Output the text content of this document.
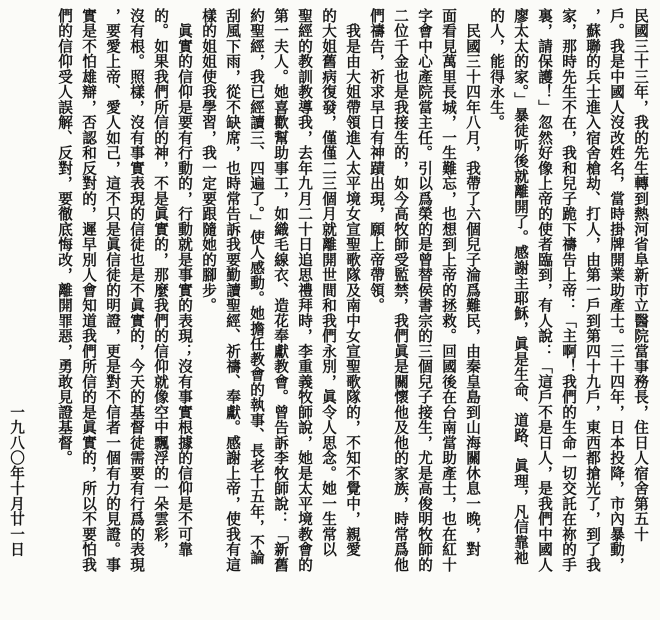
民國三十三年，我的先生轉到熱河省阜新市立醫院當事務長，住日人宿舍第五十
戶。我是中國人沒改姓名，當時掛牌開業助產士。三十四年，日本投降，市內暴動，
，蘇聯的兵士進入宿舍槍劫、打人，由第一戶到第四十九戶，東西都搶光了，到了我
家，那時先生不在，我和兒子跪下禱告上帝：「主啊！我們的生命一切交託在祢的手
裏，請保護！」忽然好像上帝的使者臨到，有人說：「這戶不是日人，是我們中國人
廖太太的家。」暴徒听後就離開了。感謝主耶穌，眞是生命、道路、眞理，凡信靠祂
的人，能得永生。
　民國三十四年八月，我帶了六個兒子淪爲難民，由秦皇島到山海關休息一晚，對
面看見萬里長城，一生難忘，也想到上帝的拯救。回國後在台南當助產士，也在紅十
字會中心產院當主任。引以爲榮的是曾替侯書宗的三個兒子接生，尤是高俊明牧師的
二位千金也是我接生的，如今高牧師受監禁，我們眞是關懷他及他的家族，時常爲他
們禱告，祈求早日有神蹟出現，願上帝帶領。
　我是由大姐帶領進入太平境女宣聖歌隊及南中女宣聖歌隊的，不知不覺中，親愛
的大姐舊病復發，僅僅二三個月就離開世間和我們永別，眞令人思念。她一生常以
聖經的教訓教導我，去年九月二十日追思禮拜時，李重義牧師說，她是太平境教會的
第一夫人。她喜歡幫助事工，如織毛線衣、造花奉獻教會。曾告訴李牧師說：「新舊
約聖經，我已經讀三、四遍了。」使人感動。她擔任教會的執事、長老十五年，不論
刮風下雨，從不缺席，也時常告訴我要勤讀聖經、祈禱、奉獻。感謝上帝，使我有這
樣的姐姐使我學習，我一定要跟隨她的腳步。
　眞實的信仰是要有行動的，行動就是事實的表現；沒有事實根據的信仰是不可靠
的。如果我們所信的神，不是眞實的，那麼我們的信仰就像空中飄浮的一朵雲彩，
沒有根。照樣，沒有事實表現的信徒也是不眞實的，今天的基督徒需要有行爲的表現
，要愛上帝、愛人如己，這不只是眞信徒的明證，更是對不信者一個有力的見證。事
實是不怕雄辯，否認和反對的，遲早別人會知道我們所信的是眞實的，所以不要怕我
們的信仰受人誤解、反對，要徹底悔改，離開罪惡，勇敢見證基督。
　　　　　　　　　　　　　　　　　　　　　　　　　　一九八〇年十月廿一日
